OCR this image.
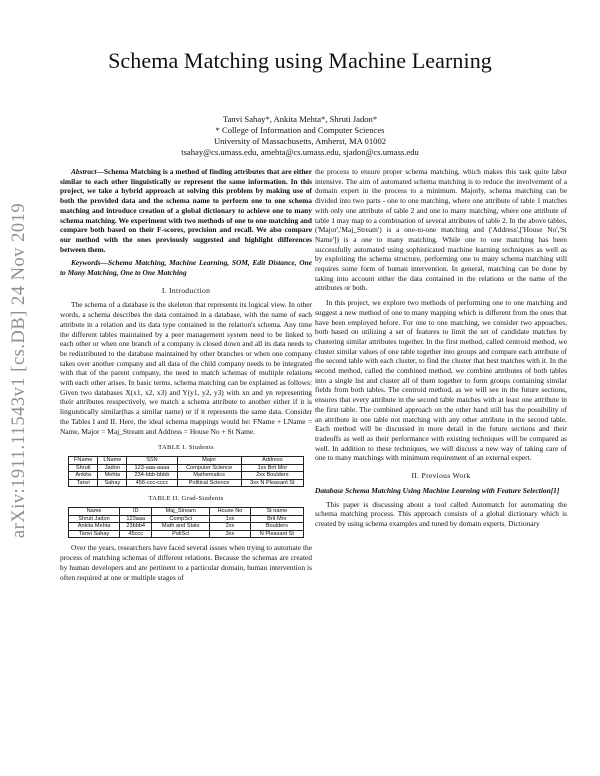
arXiv:1911.11543v1 [cs.DB] 24 Nov 2019
Schema Matching using Machine Learning
Tanvi Sahay*, Ankita Mehta*, Shruti Jadon*
* College of Information and Computer Sciences
University of Massachusetts, Amherst, MA 01002
tsahay@cs.umass.edu, amehta@cs.umass.edu, sjadon@cs.umass.edu

Abstract—Schema Matching is a method of finding attributes that are either similar to each other linguistically or represent the same information. In this project, we take a hybrid approach at solving this problem by making use of both the provided data and the schema name to perform one to one schema matching and introduce creation of a global dictionary to achieve one to many schema matching. We experiment with two methods of one to one matching and compare both based on their F-scores, precision and recall. We also compare our method with the ones previously suggested and highlight differences between them.

Keywords—Schema Matching, Machine Learning, SOM, Edit Distance, One to Many Matching, One to One Matching

I. Introduction

The schema of a database is the skeleton that represents its logical view. In other words, a schema describes the data contained in a database, with the name of each attribute in a relation and its data type contained in the relation's schema. Any time the different tables maintained by a peer management system need to be linked to each other or when one branch of a company is closed down and all its data needs to be redistributed to the database maintained by other branches or when one company takes over another company and all data of the child company needs to be integrated with that of the parent company, the need to match schemas of multiple relations with each other arises. In basic terms, schema matching can be explained as follows: Given two databases X(x1, x2, x3) and Y(y1, y2, y3) with xn and yn representing their attributes resspectively, we match a schema attribute to another either if it is linguistically similar(has a similar name) or if it represents the same data. Consider the Tables I and II. Here, the ideal schema mappings would be: FName + LName = Name, Major = Maj_Stream and Address = House No + St Name.

TABLE I. Students
FName	LName	SSN	Major	Address
Shruti	Jadon	123-aaa-aaaa	Computer Science	1xx Brit Mnr
Ankita	Mehta	234-bbb-bbbb	Mathematics	2xx Boulders
Tanvi	Sahay	456-ccc-cccc	Political Science	3xx N Pleasant St
TABLE II. Grad-Students
Name	ID	Maj_Stream	House No	St name
Shruti Jadon	123aaa	CompSci	1xx	Brit Mnr
Ankita Mehta	23bbb4	Math and Stats	2xx	Boulders
Tanvi Sahay	45ccc	PoliSci	3xx	N Pleasant St

Over the years, researchers have faced several issues when trying to automate the process of matching schemas of different relations. Because the schemas are created by human developers and are pertinent to a particular domain, human intervention is often required at one or multiple stages of

the process to ensure proper schema matching, which makes this task quite labor intensive. The aim of automated schema matching is to reduce the involvement of a domain expert in the process to a minimum. Majorly, schema matching can be divided into two parts - one to one matching, where one attribute of table 1 matches with only one attribute of table 2 and one to many matching, where one attribute of table 1 may map to a combination of several attributes of table 2. In the above tables, ('Major','Maj_Stream') is a one-to-one matching and ('Address',['House No','St Name']) is a one to many matching. While one to one matching has been successfully automated using sophisticated machine learning techniques as well as by exploiting the schema structure, performing one to many schema matching still requires some form of human intervention. In general, matching can be done by taking into account either the data contained in the relations or the name of the attributes or both.

In this project, we explore two methods of performing one to one matching and suggest a new method of one to many mapping which is different from the ones that have been employed before. For one to one matching, we consider two appoaches, both based on utilizing a set of features to limit the set of candidate matches by clustering similar attributes together. In the first method, called centroid method, we cluster similar values of one table together into groups and compare each attribute of the second table with each cluster, to find the cluster that best matches with it. In the second method, called the combined method, we combine attributes of both tables into a single list and cluster all of them together to form groups containing similar fields from both tables. The centroid method, as we will see in the future sections, ensures that every attribute in the second table matches with at least one attribute in the first table. The combined approach on the other hand still has the possibility of an attribute in one table not matching with any other attribute in the second table. Each method will be discussed in more detail in the future sections and their tradeoffs as well as their performance with existing techniques will be compared as well. In addition to these techniques, we will discuss a new way of taking care of one to many matchings with minimum requirement of an external expert.

II. Previous Work
Database Schema Matching Using Machine Learning with Feature Selection[1]

This paper is discussing about a tool called Automatch for automating the schema matching process. This approach consists of a global dictionary which is created by using schema examples and tuned by domain experts. Dictionary
